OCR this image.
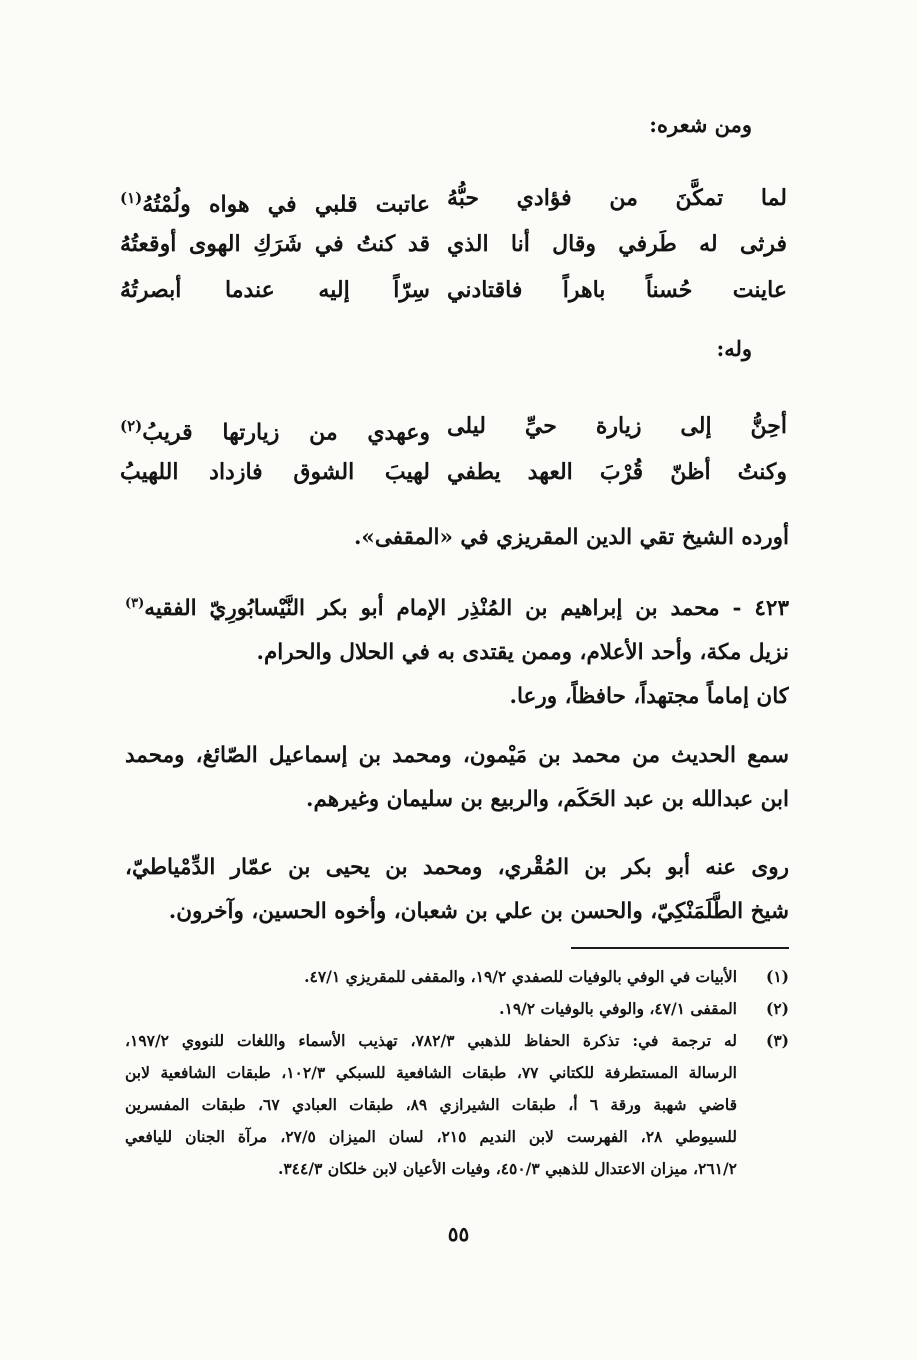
ومن شعره:
لما تمكَّنَ من فؤادي حبُّهُ
عاتبت قلبي في هواه ولُمْتُهُ$^{(١)}$
فرثى له طَرفي وقال أنا الذي
قد كنتُ في شَرَكِ الهوى أوقعتُهُ
عاينت حُسناً باهراً فاقتادني
سِرّاً إليه عندما أبصرتُهُ
وله:
أحِنُّ إلى زيارة حيِّ ليلى
وعهدي من زيارتها قريبُ$^{(٢)}$
وكنتُ أظنّ قُرْبَ العهد يطفي
لهيبَ الشوق فازداد اللهيبُ
أورده الشيخ تقي الدين المقريزي في «المقفى».
٤٢٣ - محمد بن إبراهيم بن المُنْذِر الإمام أبو بكر النَّيْسابُورِيّ الفقيه$^{(٣)}$
نزيل مكة، وأحد الأعلام، وممن يقتدى به في الحلال والحرام.
كان إماماً مجتهداً، حافظاً، ورعا.
سمع الحديث من محمد بن مَيْمون، ومحمد بن إسماعيل الصّائغ، ومحمد
ابن عبدالله بن عبد الحَكَم، والربيع بن سليمان وغيرهم.
روى عنه أبو بكر بن المُقْري، ومحمد بن يحيى بن عمّار الدِّمْياطيّ،
شيخ الطَّلَمَنْكِيّ، والحسن بن علي بن شعبان، وأخوه الحسين، وآخرون.
(١)
الأبيات في الوفي بالوفيات للصفدي ١٩/٢، والمقفى للمقريزي ٤٧/١.
(٢)
المقفى ٤٧/١، والوفي بالوفيات ١٩/٢.
(٣)
له ترجمة في: تذكرة الحفاظ للذهبي ٧٨٢/٣، تهذيب الأسماء واللغات للنووي ١٩٧/٢،
الرسالة المستطرفة للكتاني ٧٧، طبقات الشافعية للسبكي ١٠٢/٣، طبقات الشافعية لابن
قاضي شهبة ورقة ٦ أ، طبقات الشيرازي ٨٩، طبقات العبادي ٦٧، طبقات المفسرين
للسيوطي ٢٨، الفهرست لابن النديم ٢١٥، لسان الميزان ٢٧/٥، مرآة الجنان لليافعي
٢٦١/٢، ميزان الاعتدال للذهبي ٤٥٠/٣، وفيات الأعيان لابن خلكان ٣٤٤/٣.
٥٥
